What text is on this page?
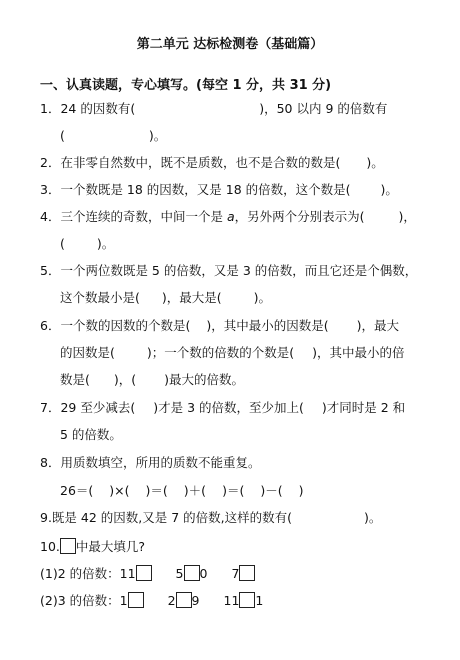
第二单元 达标检测卷（基础篇）
一、认真读题，专心填写。(每空 1 分，共 31 分)
1．24 的因数有(	)，50 以内 9 的倍数有
(	)。
2．在非零自然数中，既不是质数，也不是合数的数是( )。
3．一个数既是 18 的因数，又是 18 的倍数，这个数是( )。
4．三个连续的奇数，中间一个是 a，另外两个分别表示为(	)，
(	)。
5．一个两位数既是 5 的倍数，又是 3 的倍数，而且它还是个偶数，
这个数最小是( )，最大是(	)。
6．一个数的因数的个数是( )，其中最小的因数是( )，最大
的因数是(	)；一个数的倍数的个数是( )，其中最小的倍
数是( )，( )最大的倍数。
7．29 至少减去( )才是 3 的倍数，至少加上( )才同时是 2 和
5 的倍数。
8．用质数填空，所用的质数不能重复。
26＝( )×( )＝( )＋( )＝( )－( )
9.既是 42 的因数,又是 7 的倍数,这样的数有(	)。
10. 中最大填几?
(1)2 的倍数：11	5 0 7
(2)3 的倍数：1	2 9 11 1
